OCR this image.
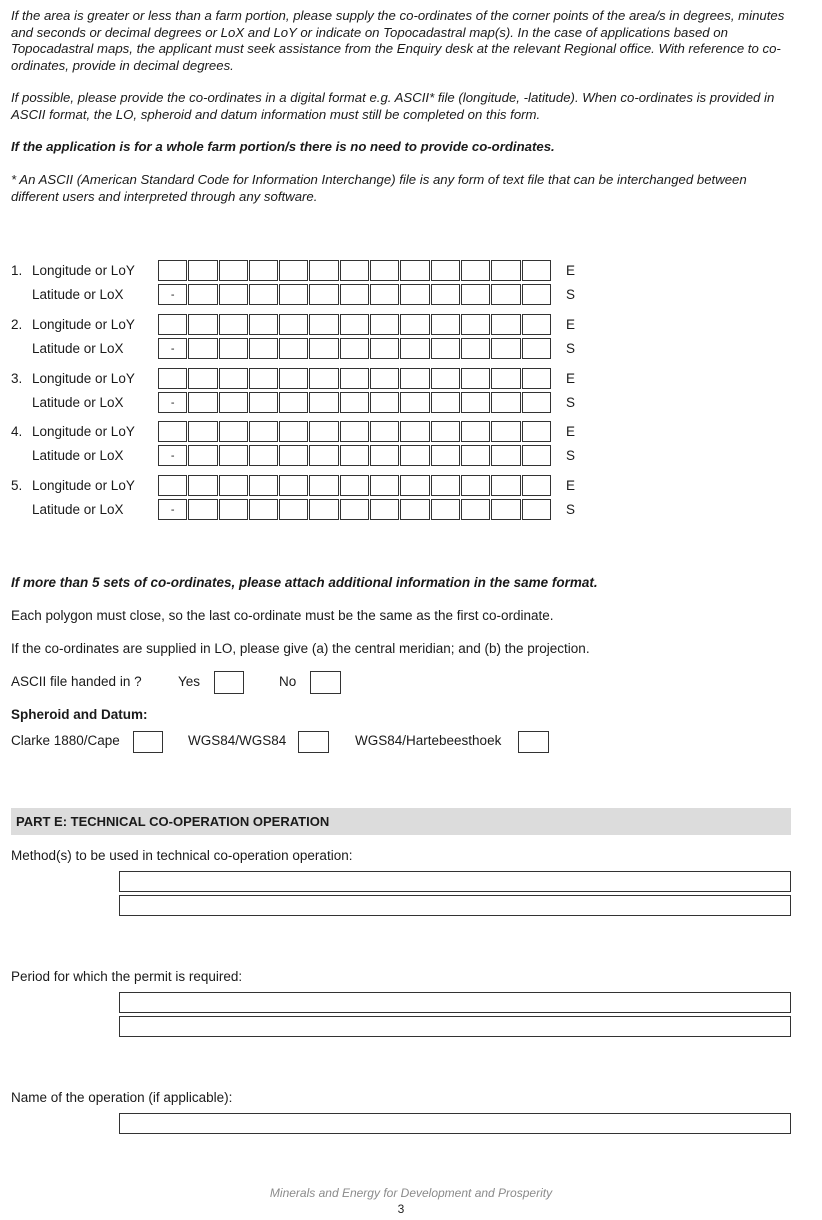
If the area is greater or less than a farm portion, please supply the co-ordinates of the corner points of the area/s in degrees, minutes and seconds or decimal degrees or LoX and LoY or indicate on Topocadastral map(s). In the case of applications based on Topocadastral maps, the applicant must seek assistance from the Enquiry desk at the relevant Regional office. With reference to co-ordinates, provide in decimal degrees.
If possible, please provide the co-ordinates in a digital format e.g. ASCII* file (longitude, -latitude). When co-ordinates is provided in ASCII format, the LO, spheroid and datum information must still be completed on this form.
If the application is for a whole farm portion/s there is no need to provide co-ordinates.
* An ASCII (American Standard Code for Information Interchange) file is any form of text file that can be interchanged between different users and interpreted through any software.
1. Longitude or LoY	E
Latitude or LoX	-	S
2. Longitude or LoY	E
Latitude or LoX	-	S
3. Longitude or LoY	E
Latitude or LoX	-	S
4. Longitude or LoY	E
Latitude or LoX	-	S
5. Longitude or LoY	E
Latitude or LoX	-	S
If more than 5 sets of co-ordinates, please attach additional information in the same format.
Each polygon must close, so the last co-ordinate must be the same as the first co-ordinate.
If the co-ordinates are supplied in LO, please give (a) the central meridian; and (b) the projection.
ASCII file handed in ?	Yes	No
Spheroid and Datum:
Clarke 1880/Cape	WGS84/WGS84	WGS84/Hartebeesthoek
PART E: TECHNICAL CO-OPERATION OPERATION
Method(s) to be used in technical co-operation operation:
Period for which the permit is required:
Name of the operation (if applicable):
Minerals and Energy for Development and Prosperity
3
